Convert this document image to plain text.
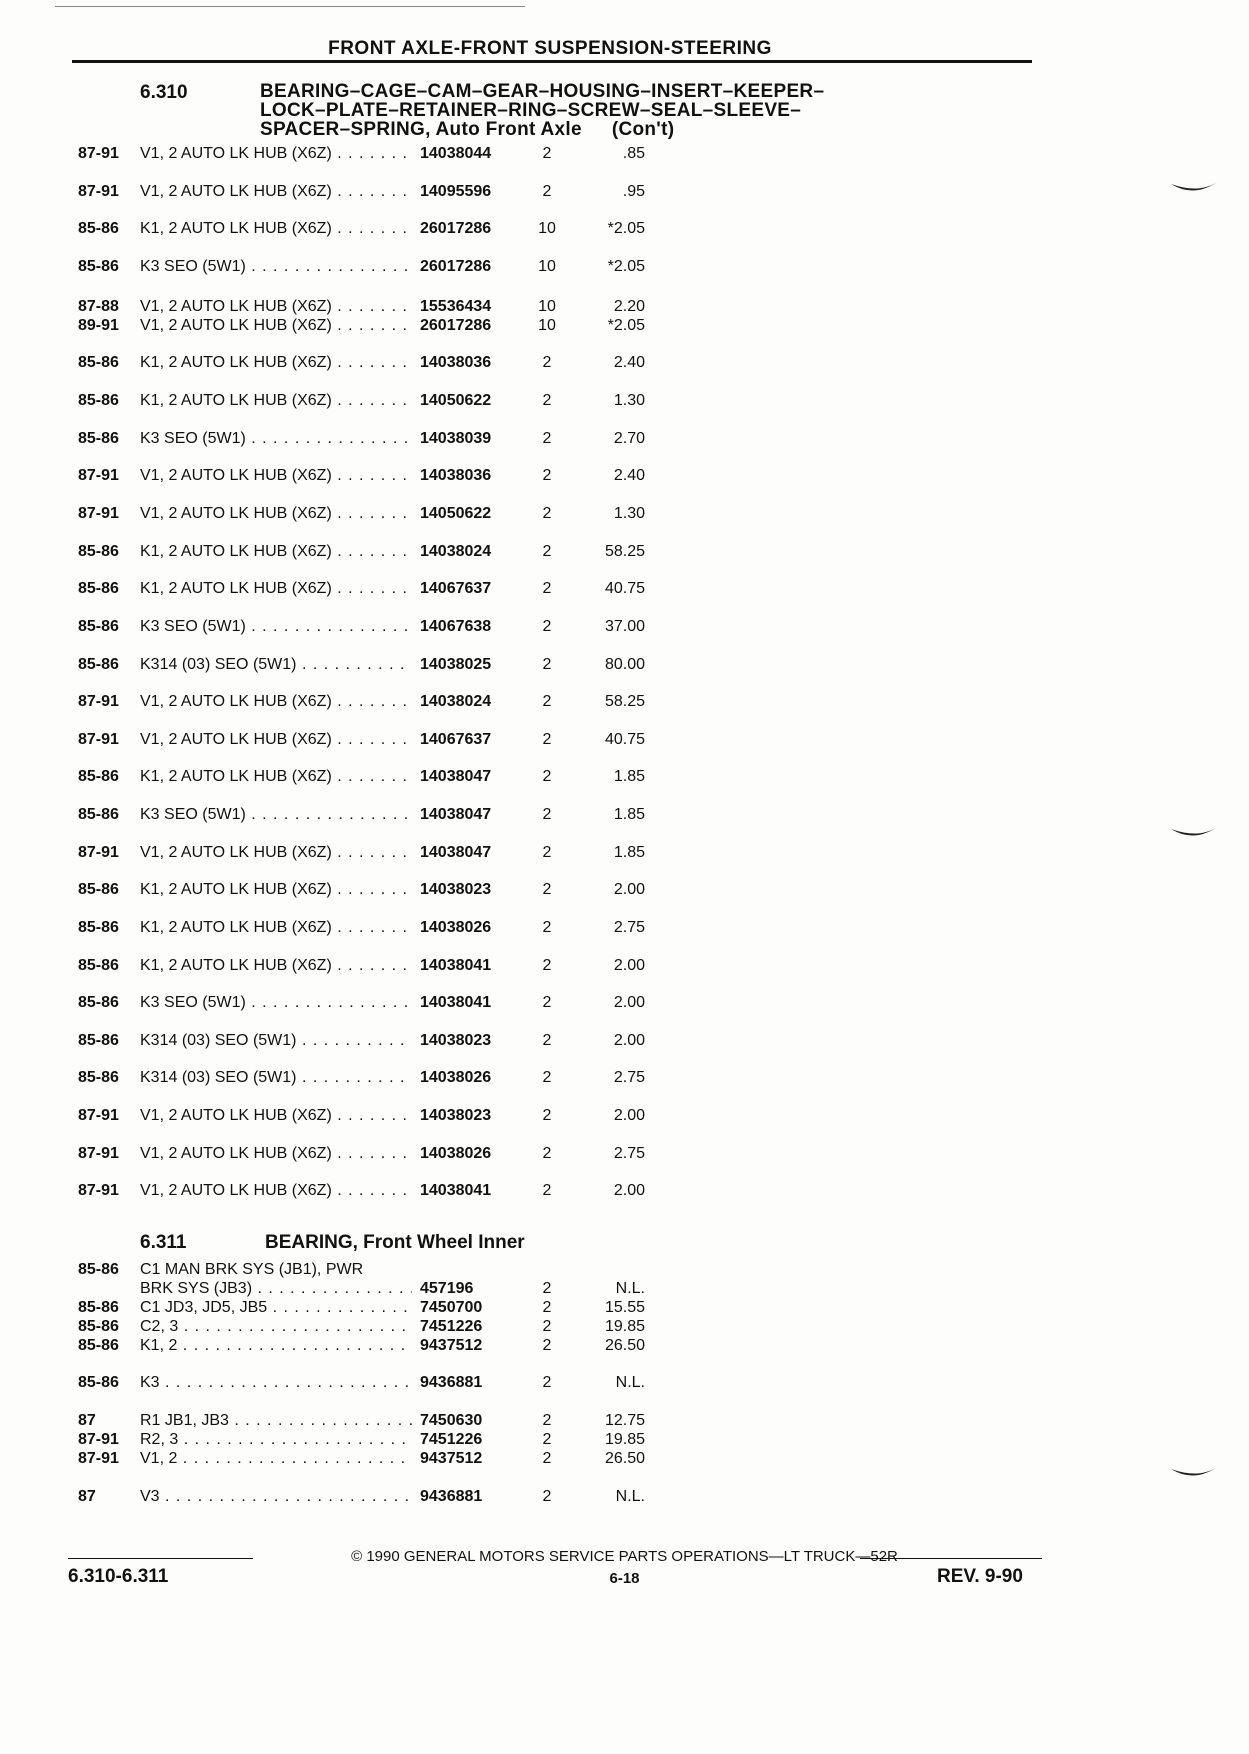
FRONT AXLE-FRONT SUSPENSION-STEERING
6.310	BEARING–CAGE–CAM–GEAR–HOUSING–INSERT–KEEPER–
LOCK–PLATE–RETAINER–RING–SCREW–SEAL–SLEEVE–
SPACER–SPRING, Auto Front Axle (Con't)
87-91 V1, 2 AUTO LK HUB (X6Z) . . .	14038044	2	.85
87-91 V1, 2 AUTO LK HUB (X6Z) . . .	14095596	2	.95
85-86 K1, 2 AUTO LK HUB (X6Z) . . .	26017286	10	*2.05
85-86 K3 SEO (5W1) . . .	26017286	10	*2.05
87-88 V1, 2 AUTO LK HUB (X6Z) . . .	15536434	10	2.20
89-91 V1, 2 AUTO LK HUB (X6Z) . . .	26017286	10	*2.05
85-86 K1, 2 AUTO LK HUB (X6Z) . . .	14038036	2	2.40
85-86 K1, 2 AUTO LK HUB (X6Z) . . .	14050622	2	1.30
85-86 K3 SEO (5W1) . . .	14038039	2	2.70
87-91 V1, 2 AUTO LK HUB (X6Z) . . .	14038036	2	2.40
87-91 V1, 2 AUTO LK HUB (X6Z) . . .	14050622	2	1.30
85-86 K1, 2 AUTO LK HUB (X6Z) . . .	14038024	2	58.25
85-86 K1, 2 AUTO LK HUB (X6Z) . . .	14067637	2	40.75
85-86 K3 SEO (5W1) . . .	14067638	2	37.00
85-86 K314 (03) SEO (5W1) . . .	14038025	2	80.00
87-91 V1, 2 AUTO LK HUB (X6Z) . . .	14038024	2	58.25
87-91 V1, 2 AUTO LK HUB (X6Z) . . .	14067637	2	40.75
85-86 K1, 2 AUTO LK HUB (X6Z) . . .	14038047	2	1.85
85-86 K3 SEO (5W1) . . .	14038047	2	1.85
87-91 V1, 2 AUTO LK HUB (X6Z) . . .	14038047	2	1.85
85-86 K1, 2 AUTO LK HUB (X6Z) . . .	14038023	2	2.00
85-86 K1, 2 AUTO LK HUB (X6Z) . . .	14038026	2	2.75
85-86 K1, 2 AUTO LK HUB (X6Z) . . .	14038041	2	2.00
85-86 K3 SEO (5W1) . . .	14038041	2	2.00
85-86 K314 (03) SEO (5W1) . . .	14038023	2	2.00
85-86 K314 (03) SEO (5W1) . . .	14038026	2	2.75
87-91 V1, 2 AUTO LK HUB (X6Z) . . .	14038023	2	2.00
87-91 V1, 2 AUTO LK HUB (X6Z) . . .	14038026	2	2.75
87-91 V1, 2 AUTO LK HUB (X6Z) . . .	14038041	2	2.00
6.311	BEARING, Front Wheel Inner
85-86 C1 MAN BRK SYS (JB1), PWR
BRK SYS (JB3) . . .	457196	2	N.L.
85-86 C1 JD3, JD5, JB5 . . .	7450700	2	15.55
85-86 C2, 3 . . .	7451226	2	19.85
85-86 K1, 2 . . .	9437512	2	26.50
85-86 K3 . . .	9436881	2	N.L.
87	R1 JB1, JB3 . . .	7450630	2	12.75
87-91 R2, 3 . . .	7451226	2	19.85
87-91 V1, 2 . . .	9437512	2	26.50
87	V3 . . .	9436881	2	N.L.
© 1990 GENERAL MOTORS SERVICE PARTS OPERATIONS—LT TRUCK—52R
6.310-6.311	6-18	REV. 9-90
